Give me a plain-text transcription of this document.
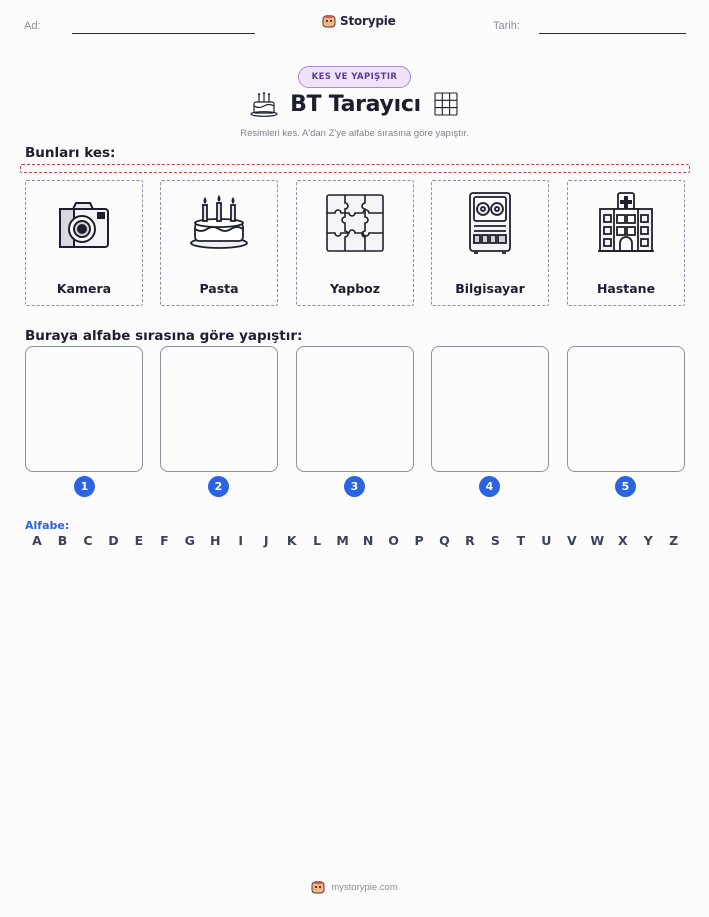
Ad:	Storypie	Tarih:
KES VE YAPIŞTIR
BT Tarayıcı
Resimleri kes. A'dan Z'ye alfabe sırasına göre yapıştır.
Bunları kes:
Kamera	Pasta	Yapboz	Bilgisayar	Hastane
Buraya alfabe sırasına göre yapıştır:
1	2	3	4	5
Alfabe:
A B C D E F G H	I	J	K L M N O P Q R S T U V W X Y Z
mystorypie.com
